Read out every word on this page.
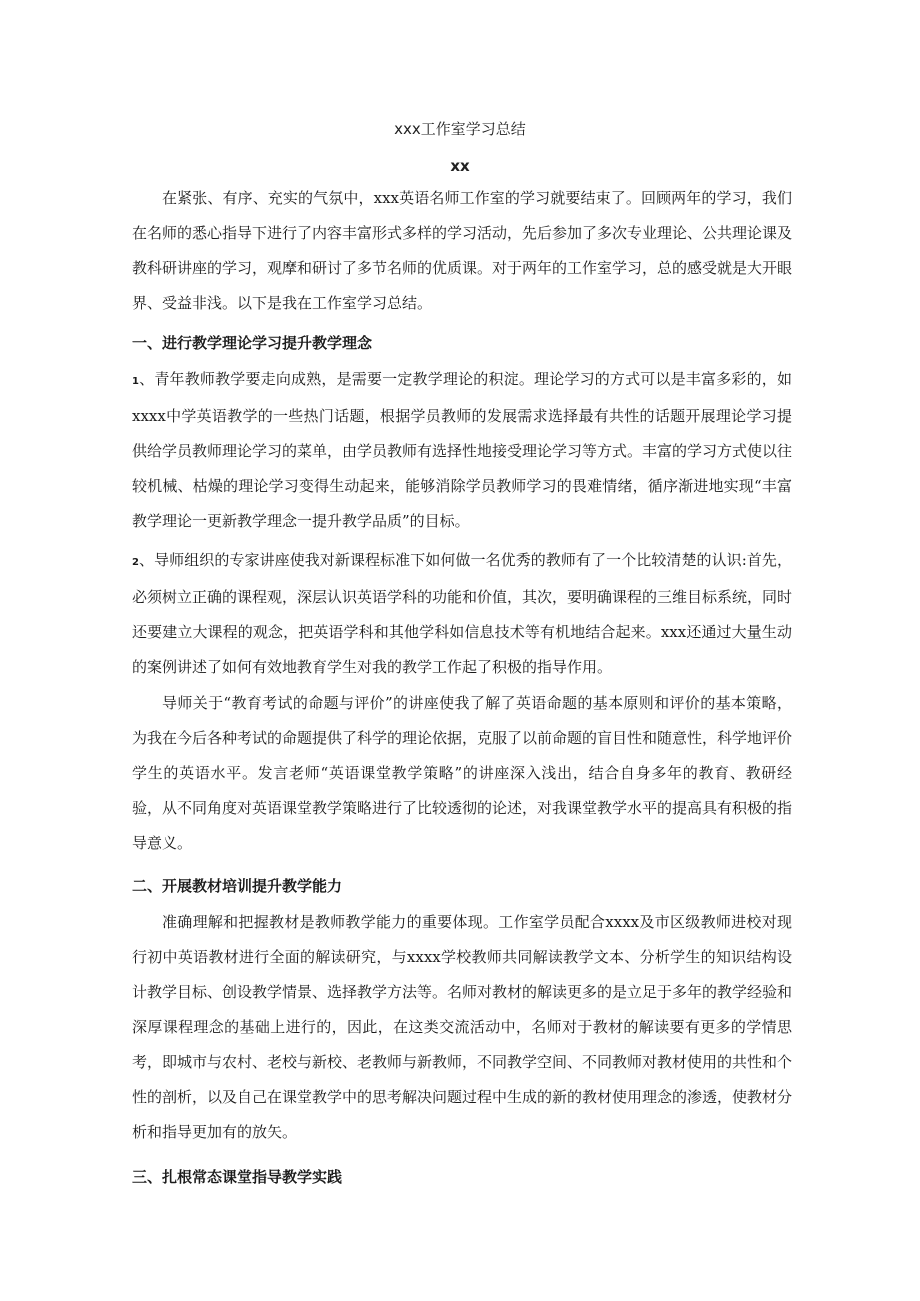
xxx工作室学习总结
xx

在紧张、有序、充实的气氛中，xxx英语名师工作室的学习就要结束了。回顾两年的学习，我们在名师的悉心指导下进行了内容丰富形式多样的学习活动，先后参加了多次专业理论、公共理论课及教科研讲座的学习，观摩和研讨了多节名师的优质课。对于两年的工作室学习，总的感受就是大开眼界、受益非浅。以下是我在工作室学习总结。

一、进行教学理论学习提升教学理念

1、青年教师教学要走向成熟，是需要一定教学理论的积淀。理论学习的方式可以是丰富多彩的，如xxxx中学英语教学的一些热门话题，根据学员教师的发展需求选择最有共性的话题开展理论学习提供给学员教师理论学习的菜单，由学员教师有选择性地接受理论学习等方式。丰富的学习方式使以往较机械、枯燥的理论学习变得生动起来，能够消除学员教师学习的畏难情绪，循序渐进地实现“丰富教学理论一更新教学理念一提升教学品质”的目标。

2、导师组织的专家讲座使我对新课程标准下如何做一名优秀的教师有了一个比较清楚的认识:首先，必须树立正确的课程观，深层认识英语学科的功能和价值，其次，要明确课程的三维目标系统，同时还要建立大课程的观念，把英语学科和其他学科如信息技术等有机地结合起来。xxx还通过大量生动的案例讲述了如何有效地教育学生对我的教学工作起了积极的指导作用。

导师关于“教育考试的命题与评价”的讲座使我了解了英语命题的基本原则和评价的基本策略，为我在今后各种考试的命题提供了科学的理论依据，克服了以前命题的盲目性和随意性，科学地评价学生的英语水平。发言老师“英语课堂教学策略”的讲座深入浅出，结合自身多年的教育、教研经验，从不同角度对英语课堂教学策略进行了比较透彻的论述，对我课堂教学水平的提高具有积极的指导意义。

二、开展教材培训提升教学能力

准确理解和把握教材是教师教学能力的重要体现。工作室学员配合xxxx及市区级教师进校对现行初中英语教材进行全面的解读研究，与xxxx学校教师共同解读教学文本、分析学生的知识结构设计教学目标、创设教学情景、选择教学方法等。名师对教材的解读更多的是立足于多年的教学经验和深厚课程理念的基础上进行的，因此，在这类交流活动中，名师对于教材的解读要有更多的学情思考，即城市与农村、老校与新校、老教师与新教师，不同教学空间、不同教师对教材使用的共性和个性的剖析，以及自己在课堂教学中的思考解决问题过程中生成的新的教材使用理念的渗透，使教材分析和指导更加有的放矢。

三、扎根常态课堂指导教学实践
